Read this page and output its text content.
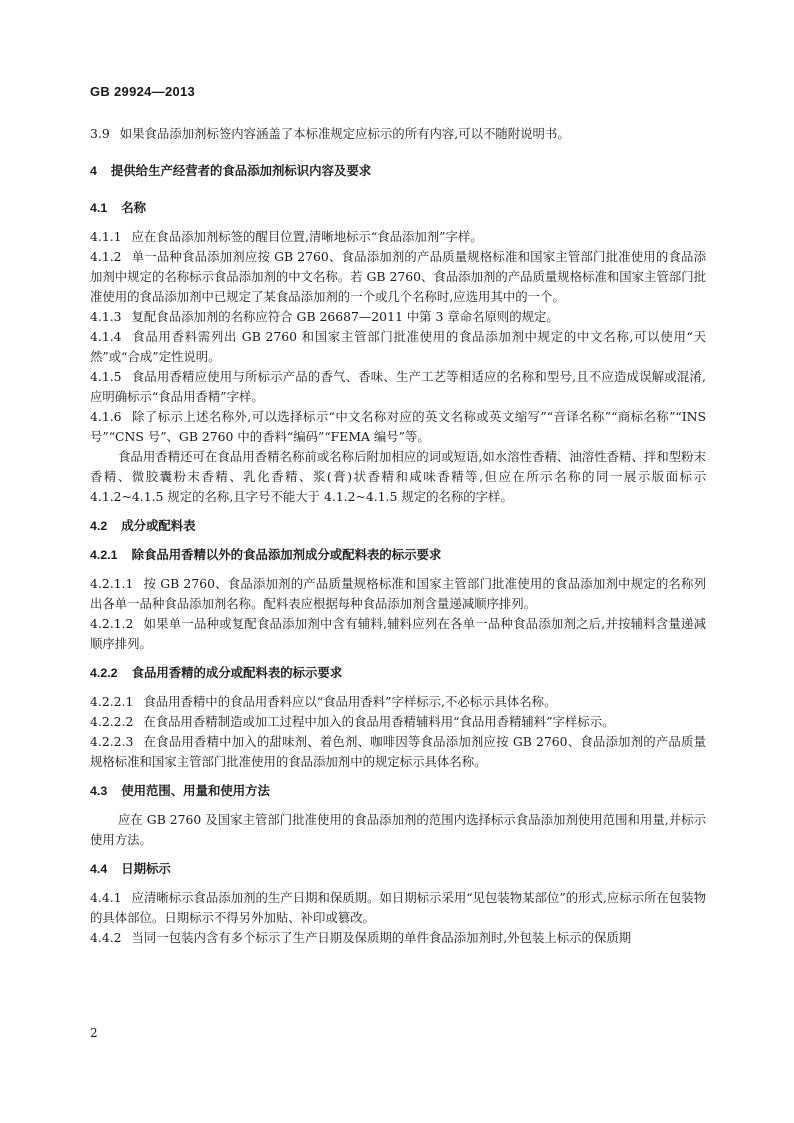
GB 29924—2013

3.9 如果食品添加剂标签内容涵盖了本标准规定应标示的所有内容,可以不随附说明书。

4 提供给生产经营者的食品添加剂标识内容及要求

4.1 名称

4.1.1 应在食品添加剂标签的醒目位置,清晰地标示“食品添加剂”字样。

4.1.2 单一品种食品添加剂应按 GB 2760、食品添加剂的产品质量规格标准和国家主管部门批准使用的食品添加剂中规定的名称标示食品添加剂的中文名称。若 GB 2760、食品添加剂的产品质量规格标准和国家主管部门批准使用的食品添加剂中已规定了某食品添加剂的一个或几个名称时,应选用其中的一个。

4.1.3 复配食品添加剂的名称应符合 GB 26687—2011 中第 3 章命名原则的规定。

4.1.4 食品用香料需列出 GB 2760 和国家主管部门批准使用的食品添加剂中规定的中文名称,可以使用“天然”或“合成”定性说明。

4.1.5 食品用香精应使用与所标示产品的香气、香味、生产工艺等相适应的名称和型号,且不应造成误解或混淆,应明确标示“食品用香精”字样。

4.1.6 除了标示上述名称外,可以选择标示“中文名称对应的英文名称或英文缩写”“音译名称”“商标名称”“INS 号”“CNS 号”、GB 2760 中的香料“编码”“FEMA 编号”等。

食品用香精还可在食品用香精名称前或名称后附加相应的词或短语,如水溶性香精、油溶性香精、拌和型粉末香精、微胶囊粉末香精、乳化香精、浆(膏)状香精和咸味香精等,但应在所示名称的同一展示版面标示 4.1.2~4.1.5 规定的名称,且字号不能大于 4.1.2~4.1.5 规定的名称的字样。

4.2 成分或配料表

4.2.1 除食品用香精以外的食品添加剂成分或配料表的标示要求

4.2.1.1 按 GB 2760、食品添加剂的产品质量规格标准和国家主管部门批准使用的食品添加剂中规定的名称列出各单一品种食品添加剂名称。配料表应根据每种食品添加剂含量递减顺序排列。

4.2.1.2 如果单一品种或复配食品添加剂中含有辅料,辅料应列在各单一品种食品添加剂之后,并按辅料含量递减顺序排列。

4.2.2 食品用香精的成分或配料表的标示要求

4.2.2.1 食品用香精中的食品用香料应以“食品用香料”字样标示,不必标示具体名称。

4.2.2.2 在食品用香精制造或加工过程中加入的食品用香精辅料用“食品用香精辅料”字样标示。

4.2.2.3 在食品用香精中加入的甜味剂、着色剂、咖啡因等食品添加剂应按 GB 2760、食品添加剂的产品质量规格标准和国家主管部门批准使用的食品添加剂中的规定标示具体名称。

4.3 使用范围、用量和使用方法

应在 GB 2760 及国家主管部门批准使用的食品添加剂的范围内选择标示食品添加剂使用范围和用量,并标示使用方法。

4.4 日期标示

4.4.1 应清晰标示食品添加剂的生产日期和保质期。如日期标示采用“见包装物某部位”的形式,应标示所在包装物的具体部位。日期标示不得另外加贴、补印或篡改。

4.4.2 当同一包装内含有多个标示了生产日期及保质期的单件食品添加剂时,外包装上标示的保质期

2
